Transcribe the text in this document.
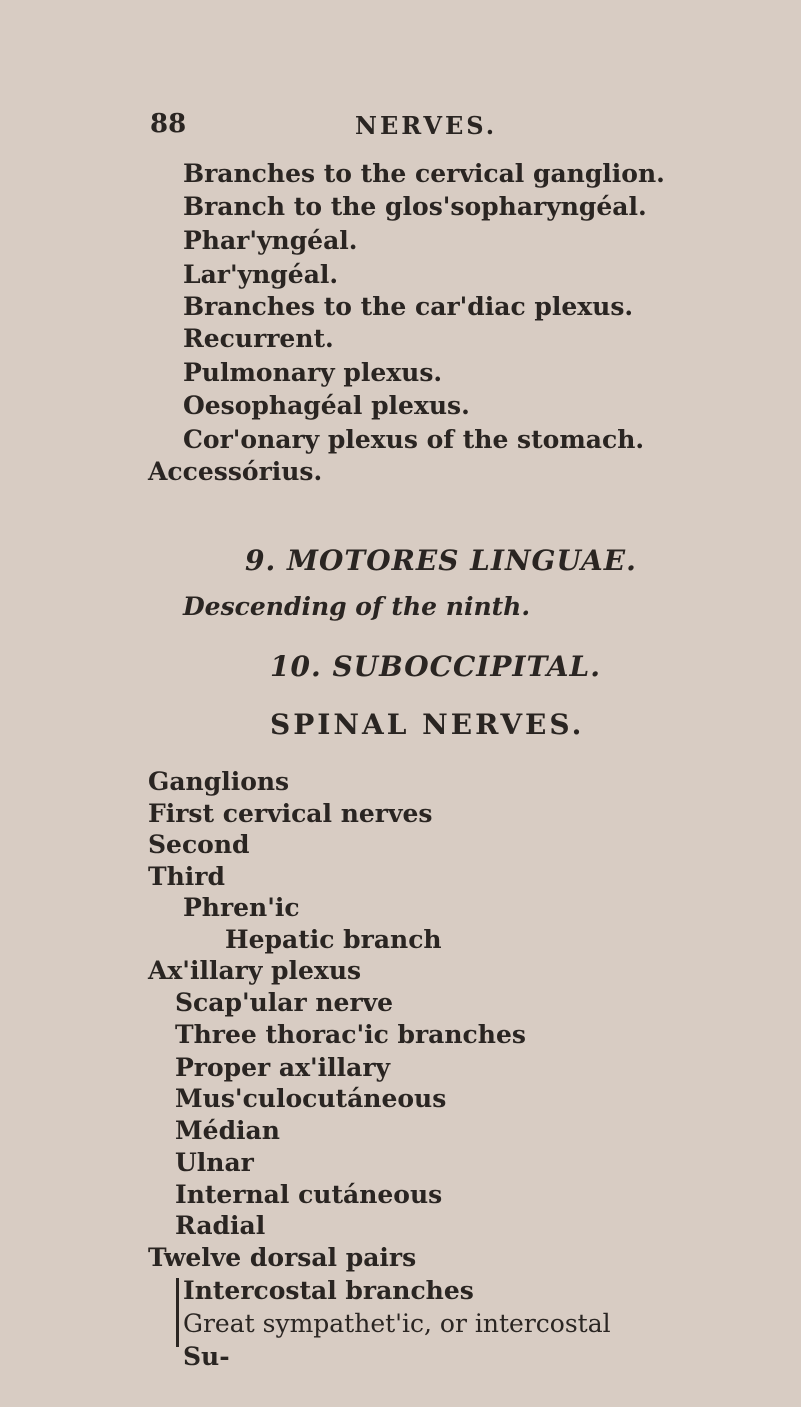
88	NERVES.
Branches to the cervical ganglion.
Branch to the glos'sopharyngéal.
Phar'yngéal.
Lar'yngéal.
Branches to the car'diac plexus.
Recurrent.
Pulmonary plexus.
Oesophagéal plexus.
Cor'onary plexus of the stomach.
Accessórius.
9. MOTORES LINGUAE.
Descending of the ninth.
10. SUBOCCIPITAL.
SPINAL NERVES.
Ganglions
First cervical nerves
Second
Third
Phren'ic
Hepatic branch
Ax'illary plexus
Scap'ular nerve
Three thorac'ic branches
Proper ax'illary
Mus'culocutáneous
Médian
Ulnar
Internal cutáneous
Radial
Twelve dorsal pairs
Intercostal branches
Great sympathet'ic, or intercostal
Su-
